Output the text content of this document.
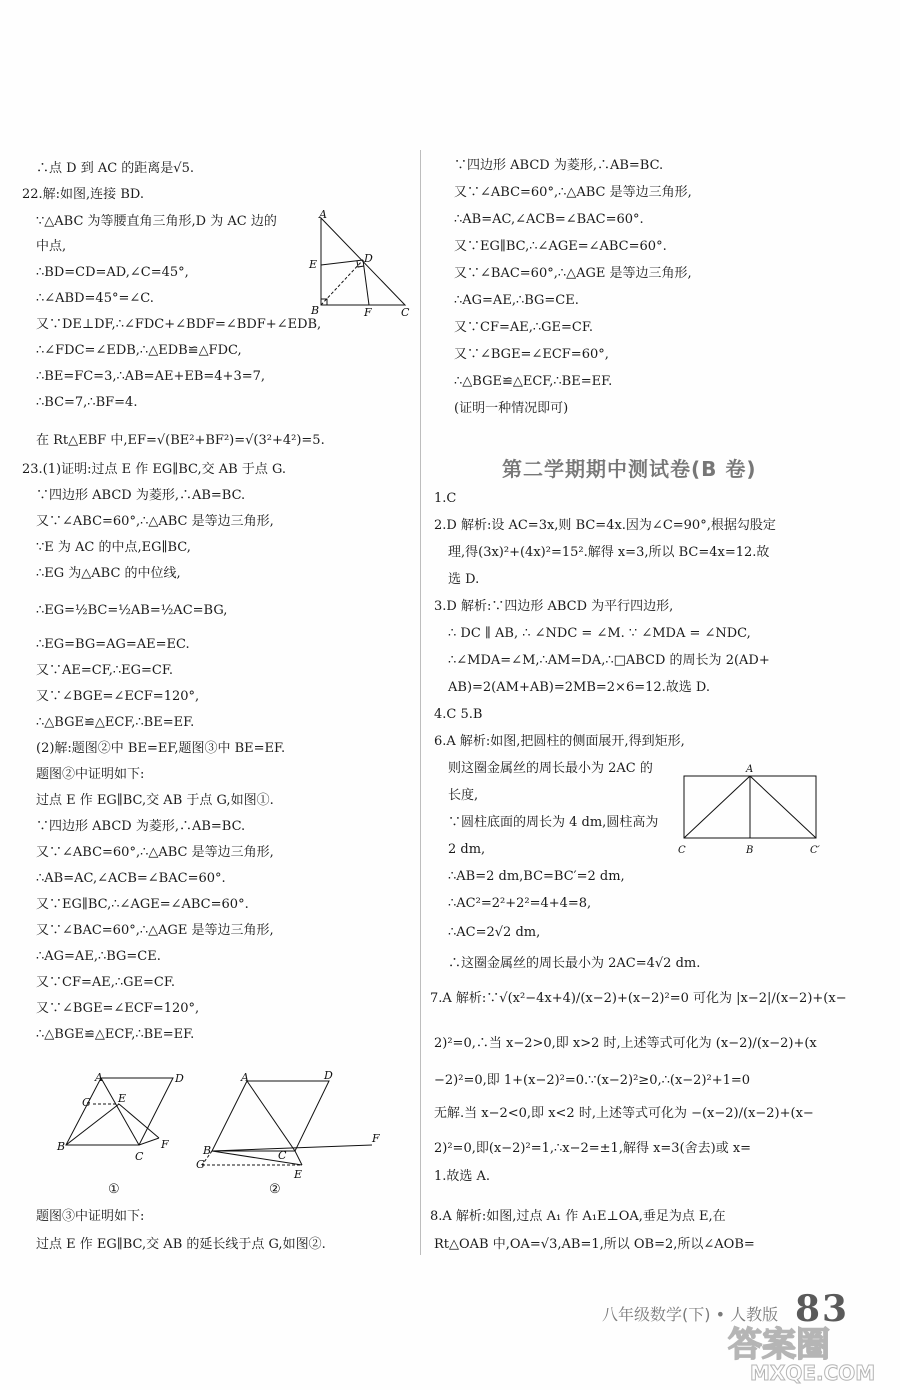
∴点 D 到 AC 的距离是√5.
22.解:如图,连接 BD.
∵△ABC 为等腰直角三角形,D 为 AC 边的
中点,
∴BD=CD=AD,∠C=45°,
∴∠ABD=45°=∠C.
又∵DE⊥DF,∴∠FDC+∠BDF=∠BDF+∠EDB,
∴∠FDC=∠EDB,∴△EDB≌△FDC,
∴BE=FC=3,∴AB=AE+EB=4+3=7,
∴BC=7,∴BF=4.
在 Rt△EBF 中,EF=√(BE²+BF²)=√(3²+4²)=5.
23.(1)证明:过点 E 作 EG∥BC,交 AB 于点 G.
∵四边形 ABCD 为菱形,∴AB=BC.
又∵∠ABC=60°,∴△ABC 是等边三角形,
∵E 为 AC 的中点,EG∥BC,
∴EG 为△ABC 的中位线,
∴EG=½BC=½AB=½AC=BG,
∴EG=BG=AG=AE=EC.
又∵AE=CF,∴EG=CF.
又∵∠BGE=∠ECF=120°,
∴△BGE≌△ECF,∴BE=EF.
(2)解:题图②中 BE=EF,题图③中 BE=EF.
题图②中证明如下:
过点 E 作 EG∥BC,交 AB 于点 G,如图①.
∵四边形 ABCD 为菱形,∴AB=BC.
又∵∠ABC=60°,∴△ABC 是等边三角形,
∴AB=AC,∠ACB=∠BAC=60°.
又∵EG∥BC,∴∠AGE=∠ABC=60°.
又∵∠BAC=60°,∴△AGE 是等边三角形,
∴AG=AE,∴BG=CE.
又∵CF=AE,∴GE=CF.
又∵∠BGE=∠ECF=120°,
∴△BGE≌△ECF,∴BE=EF.
题图③中证明如下:
过点 E 作 EG∥BC,交 AB 的延长线于点 G,如图②.
A
D
E
B	F	C
A	D
G E
B
C
F
①
A	D
B
G
C
E
F
②
∵四边形 ABCD 为菱形,∴AB=BC.
又∵∠ABC=60°,∴△ABC 是等边三角形,
∴AB=AC,∠ACB=∠BAC=60°.
又∵EG∥BC,∴∠AGE=∠ABC=60°.
又∵∠BAC=60°,∴△AGE 是等边三角形,
∴AG=AE,∴BG=CE.
又∵CF=AE,∴GE=CF.
又∵∠BGE=∠ECF=60°,
∴△BGE≌△ECF,∴BE=EF.
(证明一种情况即可)
第二学期期中测试卷(B 卷)
1.C
2.D 解析:设 AC=3x,则 BC=4x.因为∠C=90°,根据勾股定
理,得(3x)²+(4x)²=15².解得 x=3,所以 BC=4x=12.故
选 D.
3.D 解析:∵四边形 ABCD 为平行四边形,
∴ DC ∥ AB, ∴ ∠NDC = ∠M. ∵ ∠MDA = ∠NDC,
∴∠MDA=∠M,∴AM=DA,∴□ABCD 的周长为 2(AD+
AB)=2(AM+AB)=2MB=2×6=12.故选 D.
4.C 5.B
6.A 解析:如图,把圆柱的侧面展开,得到矩形,
则这圈金属丝的周长最小为 2AC 的
长度,
∵圆柱底面的周长为 4 dm,圆柱高为
2 dm,
∴AB=2 dm,BC=BC′=2 dm,
∴AC²=2²+2²=4+4=8,
∴AC=2√2 dm,
∴这圈金属丝的周长最小为 2AC=4√2 dm.
7.A 解析:∵√(x²−4x+4)/(x−2)+(x−2)²=0 可化为 |x−2|/(x−2)+(x−
2)²=0,∴当 x−2>0,即 x>2 时,上述等式可化为 (x−2)/(x−2)+(x
−2)²=0,即 1+(x−2)²=0.∵(x−2)²≥0,∴(x−2)²+1=0
无解.当 x−2<0,即 x<2 时,上述等式可化为 −(x−2)/(x−2)+(x−
2)²=0,即(x−2)²=1,∴x−2=±1,解得 x=3(舍去)或 x=
1.故选 A.
8.A 解析:如图,过点 A₁ 作 A₁E⊥OA,垂足为点 E,在
Rt△OAB 中,OA=√3,AB=1,所以 OB=2,所以∠AOB=
A
C	B	C′
八年级数学(下) • 人教版 83
答案圈
MXQE.COM
